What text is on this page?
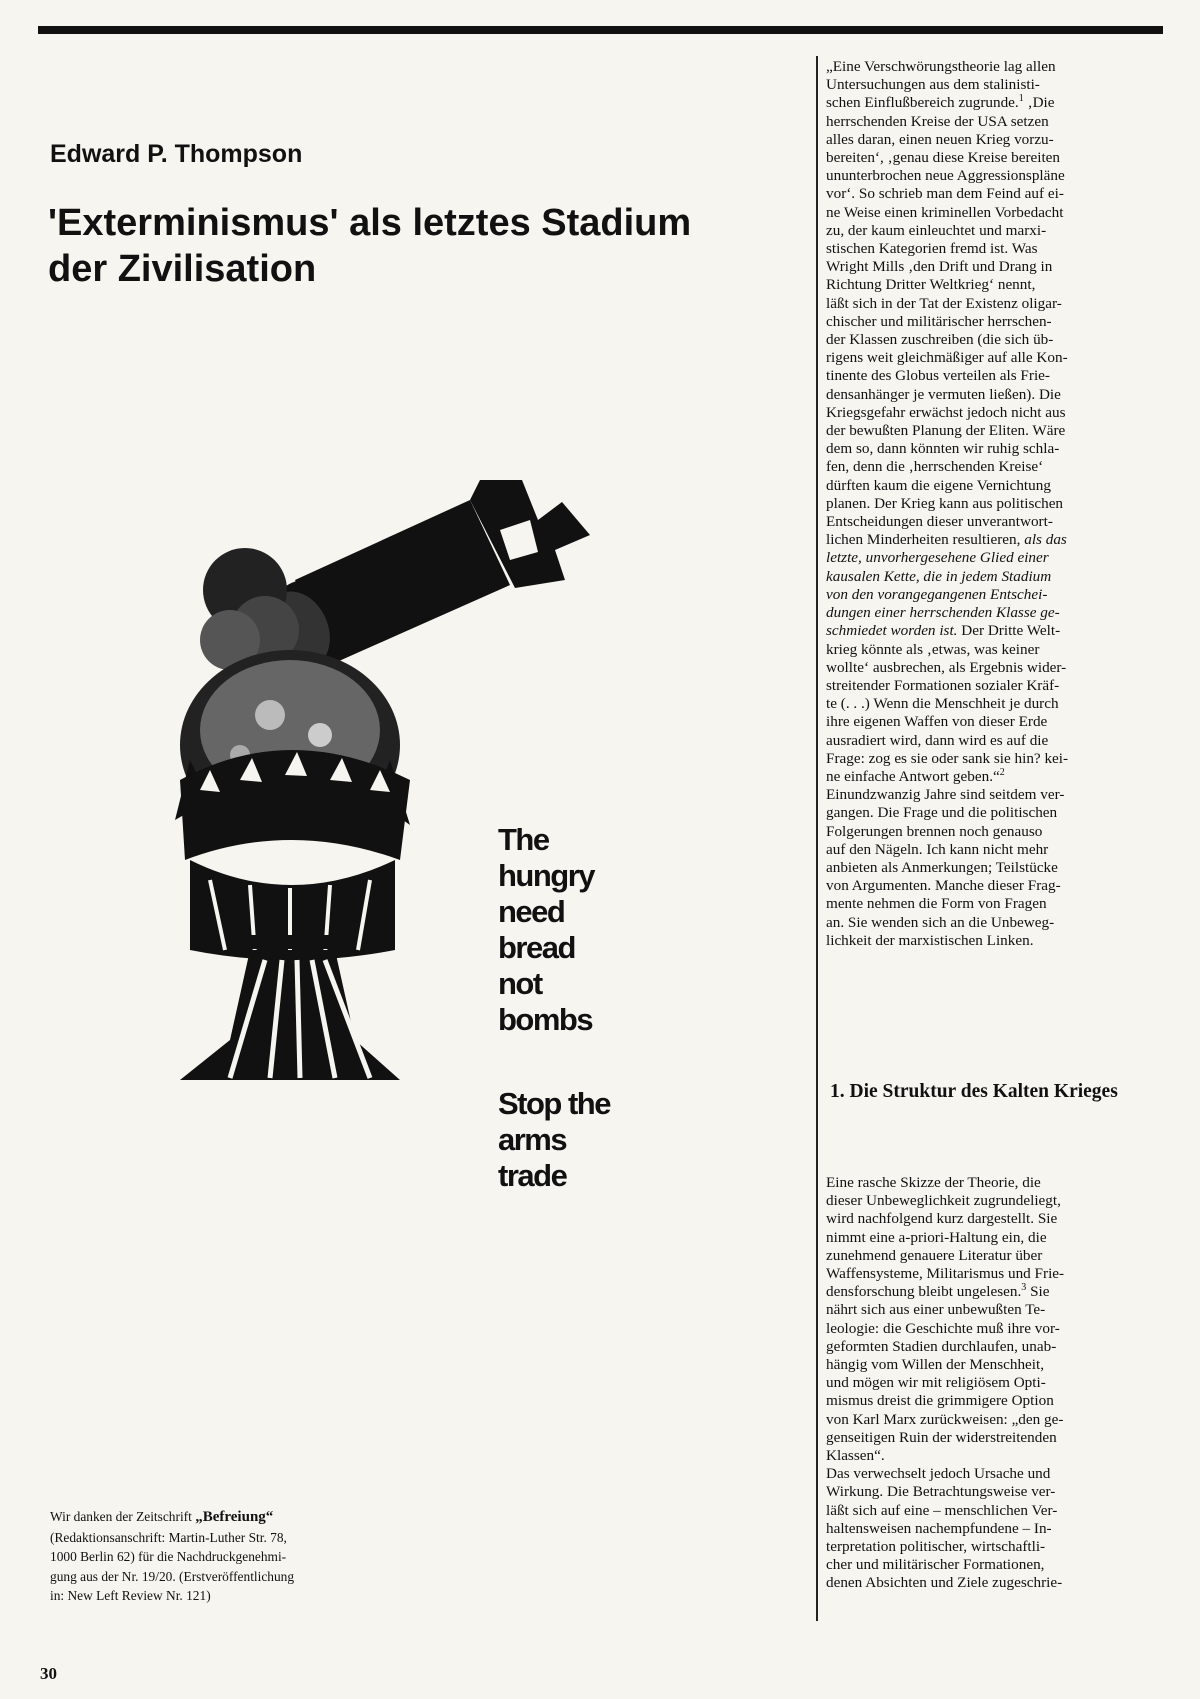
Edward P. Thompson
'Exterminismus' als letztes Stadium
der Zivilisation
The
hungry
need
bread
not
bombs
Stop the
arms
trade
Wir danken der Zeitschrift „Befreiung“
(Redaktionsanschrift: Martin-Luther Str. 78,
1000 Berlin 62) für die Nachdruckgenehmi-
gung aus der Nr. 19/20. (Erstveröffentlichung
in: New Left Review Nr. 121)
„Eine Verschwörungstheorie lag allen
Untersuchungen aus dem stalinisti-
schen Einflußbereich zugrunde.$^1$ ‚Die
herrschenden Kreise der USA setzen
alles daran, einen neuen Krieg vorzu-
bereiten‘, ‚genau diese Kreise bereiten
ununterbrochen neue Aggressionspläne
vor‘. So schrieb man dem Feind auf ei-
ne Weise einen kriminellen Vorbedacht
zu, der kaum einleuchtet und marxi-
stischen Kategorien fremd ist. Was
Wright Mills ‚den Drift und Drang in
Richtung Dritter Weltkrieg‘ nennt,
läßt sich in der Tat der Existenz oligar-
chischer und militärischer herrschen-
der Klassen zuschreiben (die sich üb-
rigens weit gleichmäßiger auf alle Kon-
tinente des Globus verteilen als Frie-
densanhänger je vermuten ließen). Die
Kriegsgefahr erwächst jedoch nicht aus
der bewußten Planung der Eliten. Wäre
dem so, dann könnten wir ruhig schla-
fen, denn die ‚herrschenden Kreise‘
dürften kaum die eigene Vernichtung
planen. Der Krieg kann aus politischen
Entscheidungen dieser unverantwort-
lichen Minderheiten resultieren, als das
letzte, unvorhergesehene Glied einer
kausalen Kette, die in jedem Stadium
von den vorangegangenen Entschei-
dungen einer herrschenden Klasse ge-
schmiedet worden ist. Der Dritte Welt-
krieg könnte als ‚etwas, was keiner
wollte‘ ausbrechen, als Ergebnis wider-
streitender Formationen sozialer Kräf-
te (. . .) Wenn die Menschheit je durch
ihre eigenen Waffen von dieser Erde
ausradiert wird, dann wird es auf die
Frage: zog es sie oder sank sie hin? kei-
ne einfache Antwort geben.“$^2$
Einundzwanzig Jahre sind seitdem ver-
gangen. Die Frage und die politischen
Folgerungen brennen noch genauso
auf den Nägeln. Ich kann nicht mehr
anbieten als Anmerkungen; Teilstücke
von Argumenten. Manche dieser Frag-
mente nehmen die Form von Fragen
an. Sie wenden sich an die Unbeweg-
lichkeit der marxistischen Linken.
1. Die Struktur des Kalten Krieges
Eine rasche Skizze der Theorie, die
dieser Unbeweglichkeit zugrundeliegt,
wird nachfolgend kurz dargestellt. Sie
nimmt eine a-priori-Haltung ein, die
zunehmend genauere Literatur über
Waffensysteme, Militarismus und Frie-
densforschung bleibt ungelesen.$^3$ Sie
nährt sich aus einer unbewußten Te-
leologie: die Geschichte muß ihre vor-
geformten Stadien durchlaufen, unab-
hängig vom Willen der Menschheit,
und mögen wir mit religiösem Opti-
mismus dreist die grimmigere Option
von Karl Marx zurückweisen: „den ge-
genseitigen Ruin der widerstreitenden
Klassen“.
Das verwechselt jedoch Ursache und
Wirkung. Die Betrachtungsweise ver-
läßt sich auf eine – menschlichen Ver-
haltensweisen nachempfundene – In-
terpretation politischer, wirtschaftli-
cher und militärischer Formationen,
denen Absichten und Ziele zugeschrie-
30
